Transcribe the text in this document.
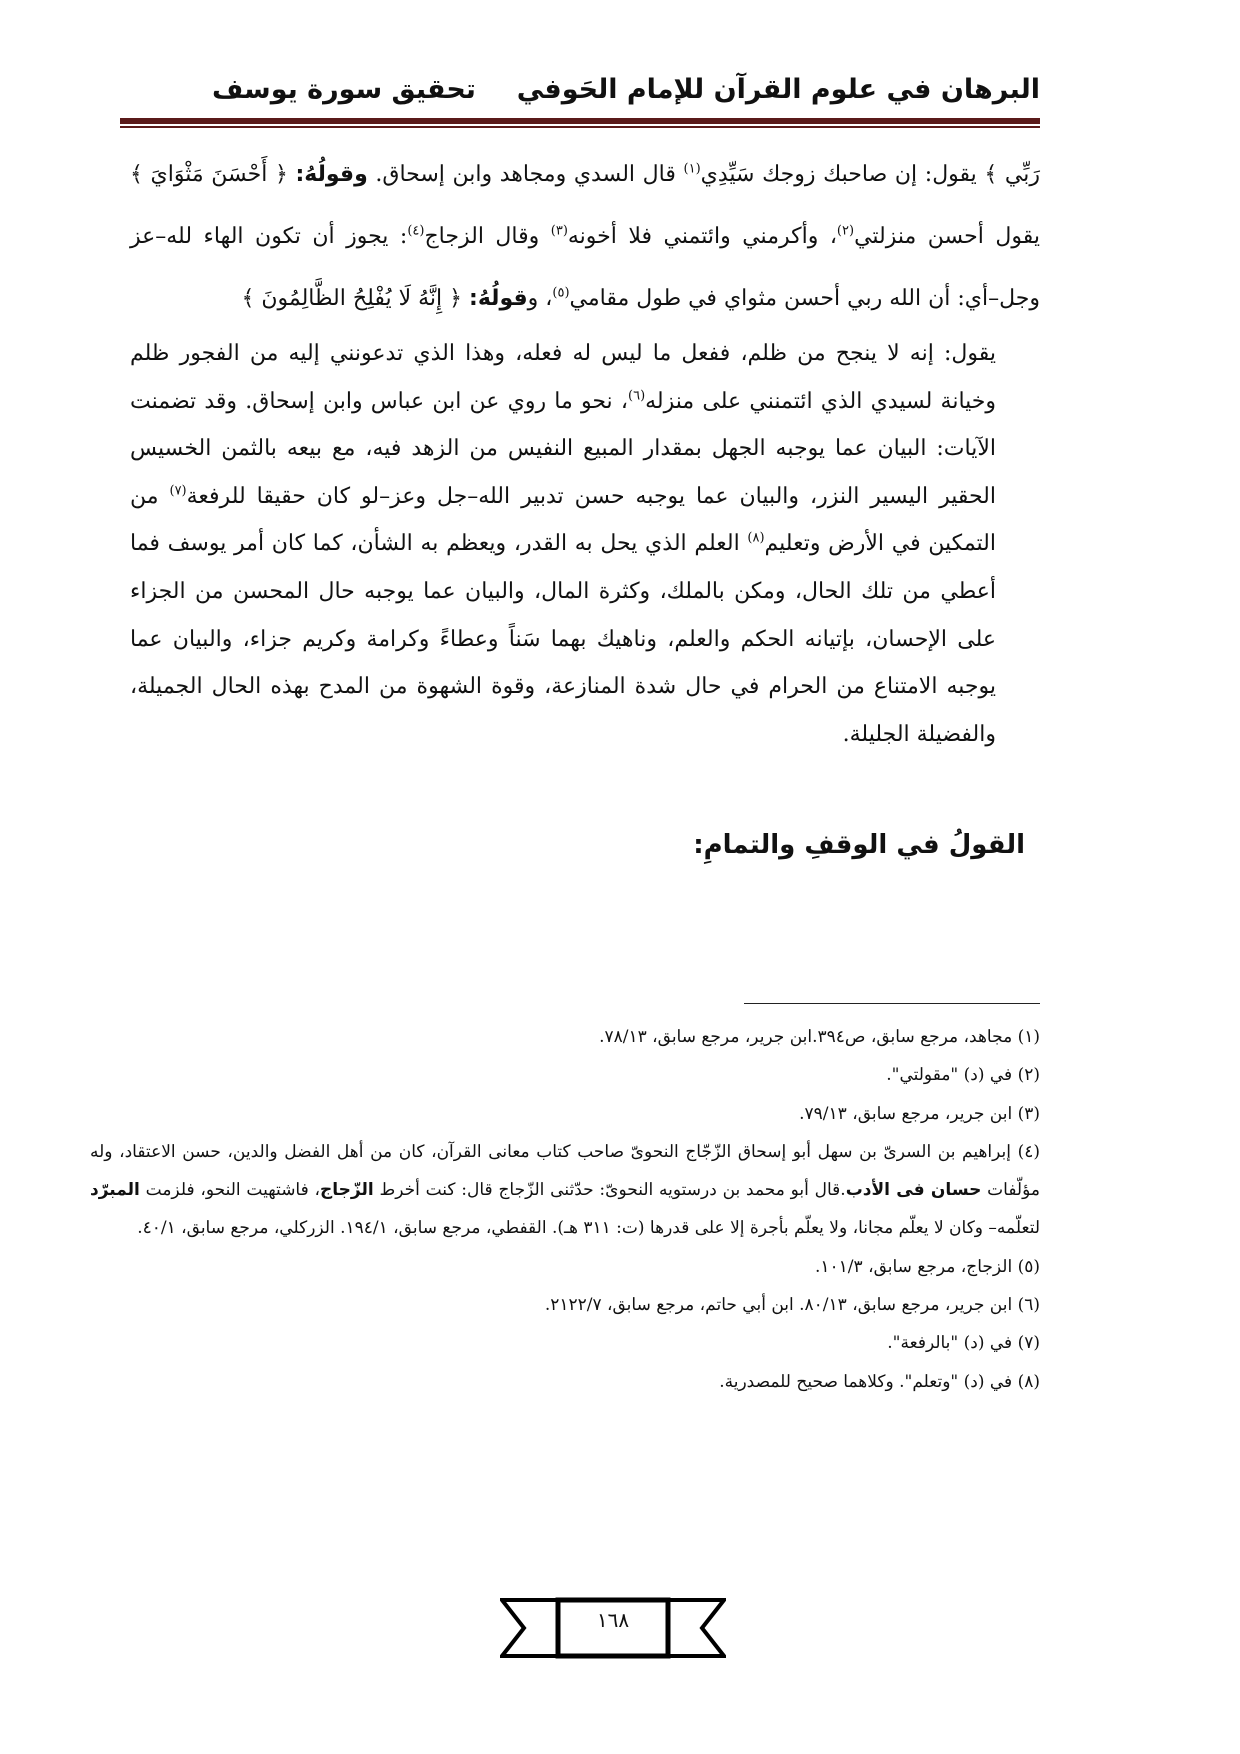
البرهان في علوم القرآن للإمام الحَوفي
تحقيق سورة يوسف

رَبِّي ﴾ يقول: إن صاحبك زوجك سَيِّدِي$^{(١)}$ قال السدي ومجاهد وابن إسحاق. وقولُهُ: ﴿ أَحْسَنَ مَثْوَايَ ﴾ يقول أحسن منزلتي$^{(٢)}$، وأكرمني وائتمني فلا أخونه$^{(٣)}$ وقال الزجاج$^{(٤)}$: يجوز أن تكون الهاء لله–عز وجل–أي: أن الله ربي أحسن مثواي في طول مقامي$^{(٥)}$، وقولُهُ: ﴿ إِنَّهُ لَا يُفْلِحُ الظَّالِمُونَ ﴾

يقول: إنه لا ينجح من ظلم، ففعل ما ليس له فعله، وهذا الذي تدعونني إليه من الفجور ظلم وخيانة لسيدي الذي ائتمنني على منزله$^{(٦)}$، نحو ما روي عن ابن عباس وابن إسحاق. وقد تضمنت الآيات: البيان عما يوجبه الجهل بمقدار المبيع النفيس من الزهد فيه، مع بيعه بالثمن الخسيس الحقير اليسير النزر، والبيان عما يوجبه حسن تدبير الله–جل وعز–لو كان حقيقا للرفعة$^{(٧)}$ من التمكين في الأرض وتعليم$^{(٨)}$ العلم الذي يحل به القدر، ويعظم به الشأن، كما كان أمر يوسف فما أعطي من تلك الحال، ومكن بالملك، وكثرة المال، والبيان عما يوجبه حال المحسن من الجزاء على الإحسان، بإتيانه الحكم والعلم، وناهيك بهما سَناً وعطاءً وكرامة وكريم جزاء، والبيان عما يوجبه الامتناع من الحرام في حال شدة المنازعة، وقوة الشهوة من المدح بهذه الحال الجميلة، والفضيلة الجليلة.

القولُ في الوقفِ والتمامِ:

(١) مجاهد، مرجع سابق، ص٣٩٤.ابن جرير، مرجع سابق، ٧٨/١٣.

(٢) في (د) "مقولتي".

(٣) ابن جرير، مرجع سابق، ٧٩/١٣.

(٤) إبراهيم بن السرىّ بن سهل أبو إسحاق الزّجّاج النحوىّ صاحب كتاب معانى القرآن، كان من أهل الفضل والدين، حسن الاعتقاد، وله مؤلّفات حسان فى الأدب.قال أبو محمد بن درستويه النحوىّ: حدّثنى الزّجاج قال: كنت أخرط الزّجاج، فاشتهيت النحو، فلزمت المبرّد لتعلّمه– وكان لا يعلّم مجانا، ولا يعلّم بأجرة إلا على قدرها (ت: ٣١١ هـ). القفطي، مرجع سابق، ١٩٤/١. الزركلي، مرجع سابق، ٤٠/١.

(٥) الزجاج، مرجع سابق، ١٠١/٣.

(٦) ابن جرير، مرجع سابق، ٨٠/١٣. ابن أبي حاتم، مرجع سابق، ٢١٢٢/٧.

(٧) في (د) "بالرفعة".

(٨) في (د) "وتعلم". وكلاهما صحيح للمصدرية.

١٦٨
